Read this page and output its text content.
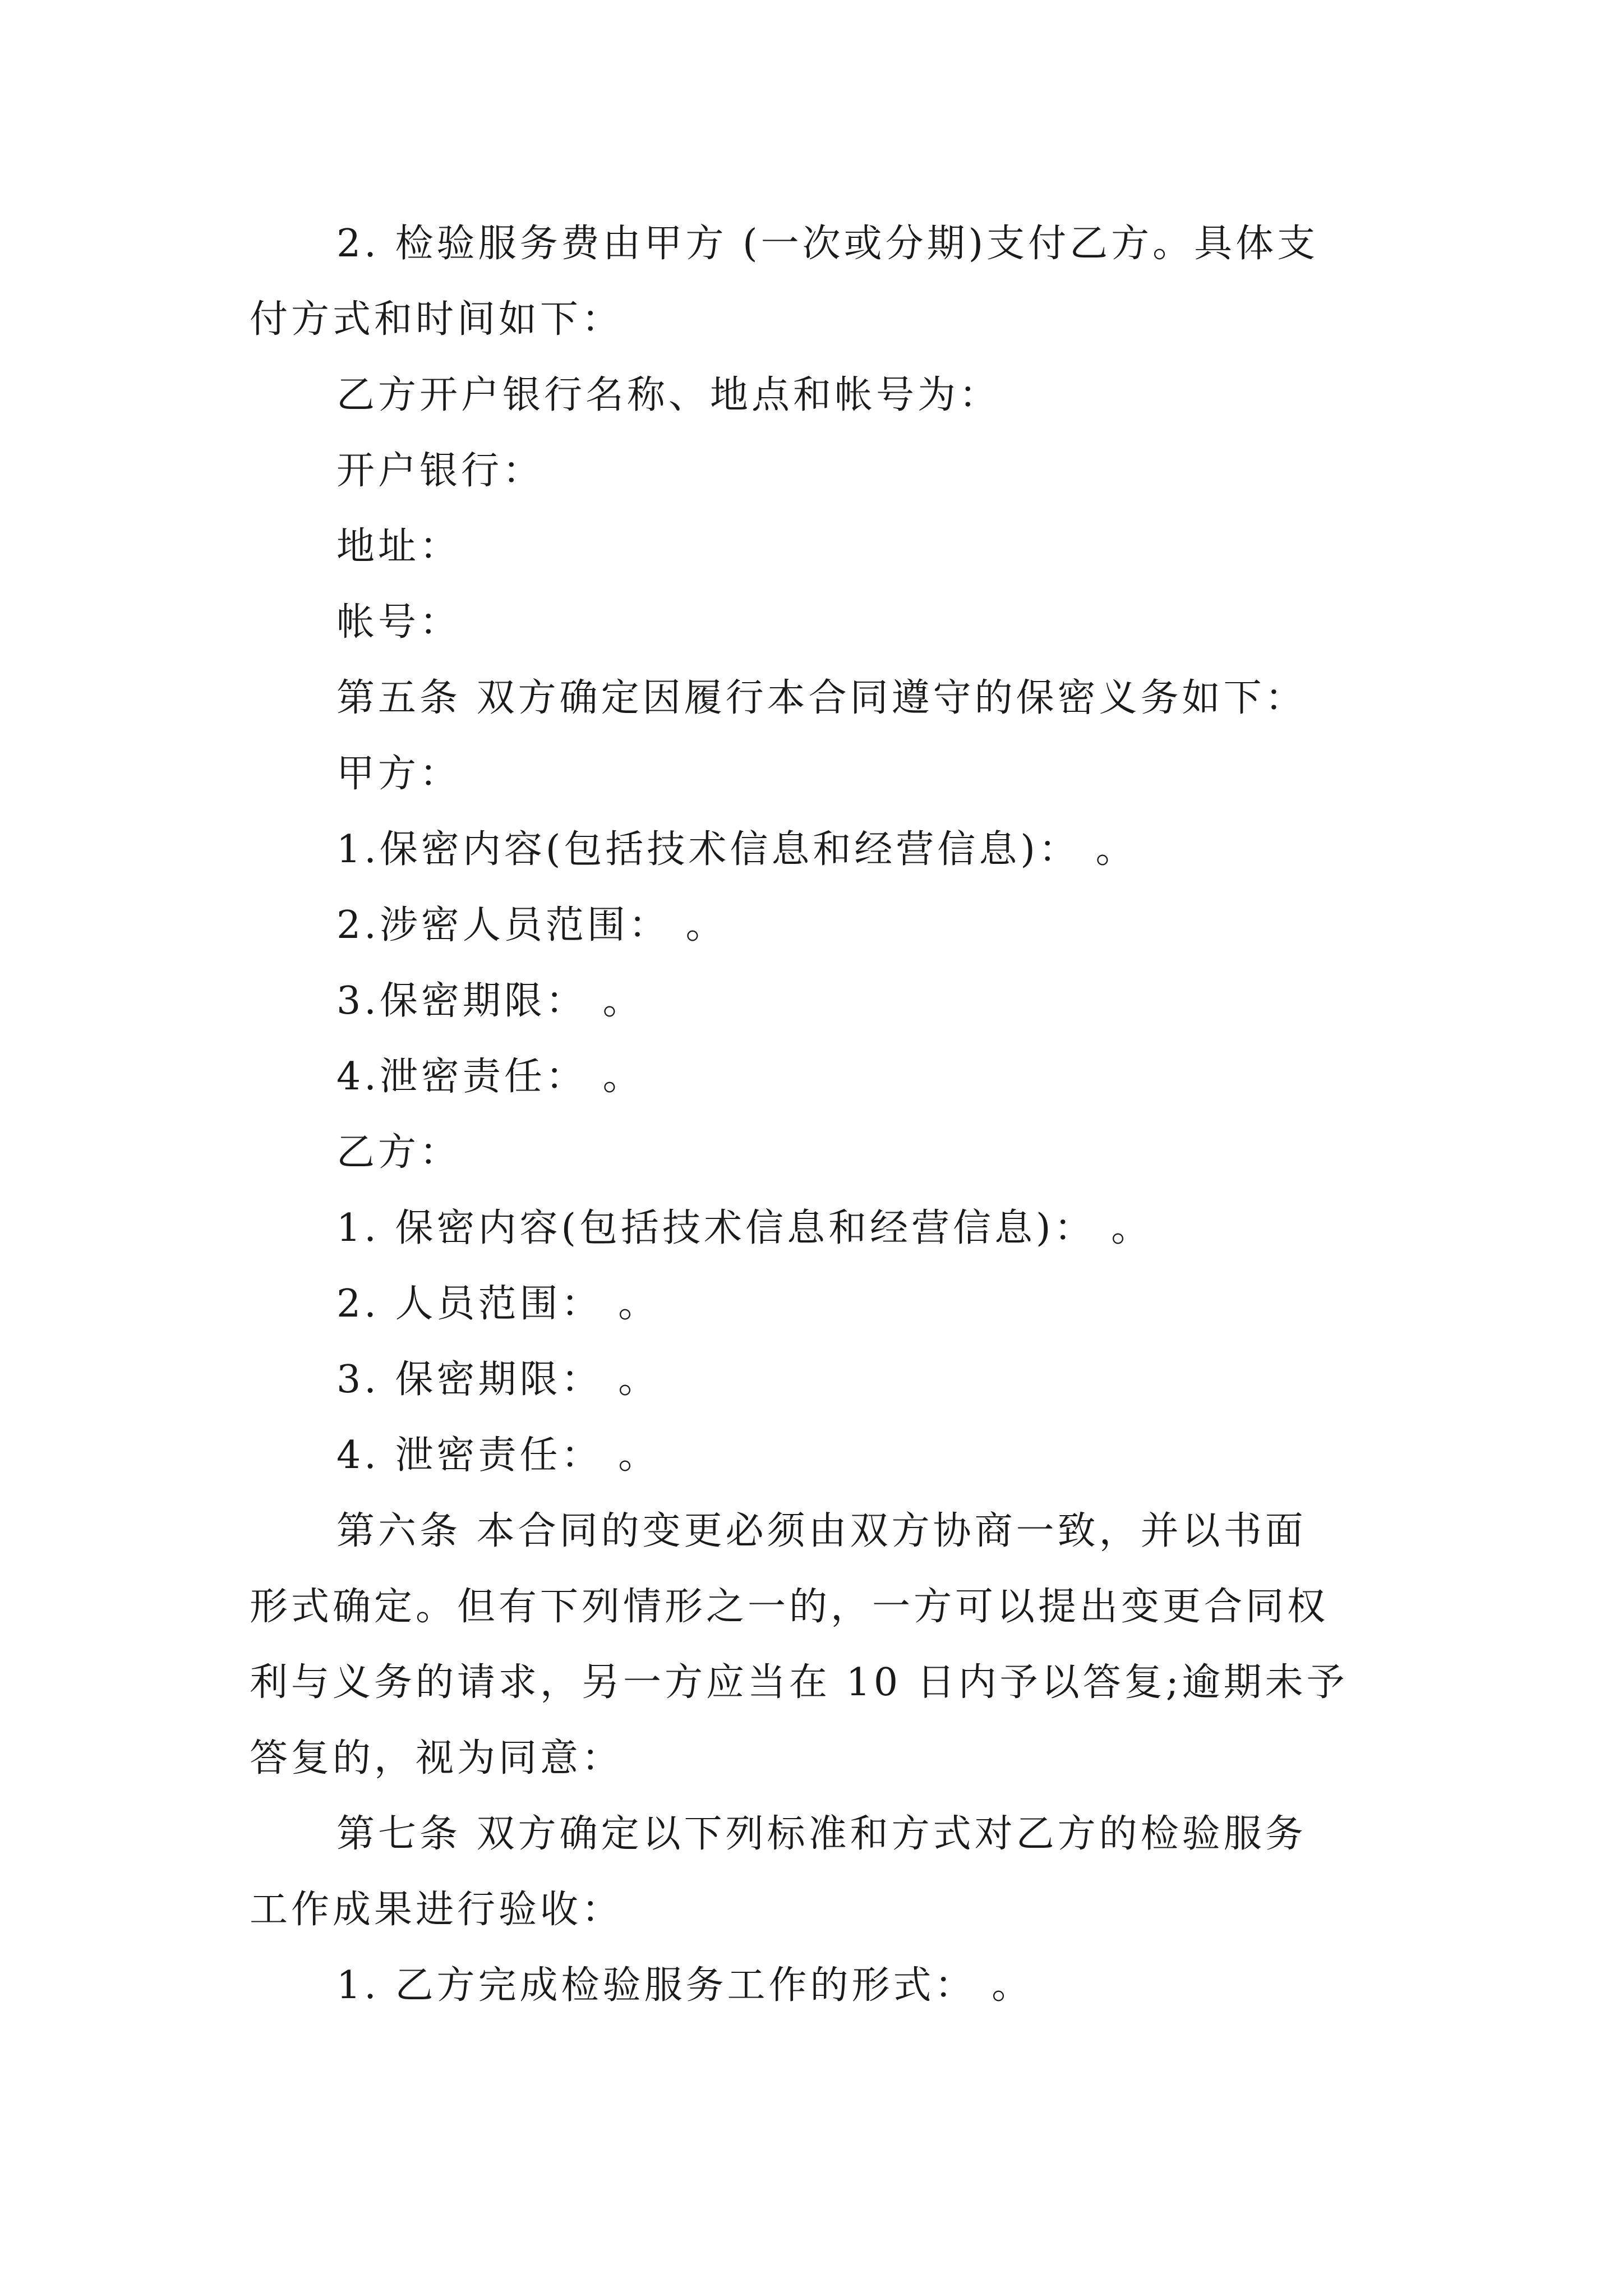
2. 检验服务费由甲方 (一次或分期)支付乙方。具体支
付方式和时间如下：
乙方开户银行名称、地点和帐号为：
开户银行：
地址：
帐号：
第五条 双方确定因履行本合同遵守的保密义务如下：
甲方：
1.保密内容(包括技术信息和经营信息)： 。
2.涉密人员范围： 。
3.保密期限： 。
4.泄密责任： 。
乙方：
1. 保密内容(包括技术信息和经营信息)： 。
2. 人员范围： 。
3. 保密期限： 。
4. 泄密责任： 。
第六条 本合同的变更必须由双方协商一致，并以书面
形式确定。但有下列情形之一的，一方可以提出变更合同权
利与义务的请求，另一方应当在 10 日内予以答复;逾期未予
答复的，视为同意：
第七条 双方确定以下列标准和方式对乙方的检验服务
工作成果进行验收：
1. 乙方完成检验服务工作的形式： 。
